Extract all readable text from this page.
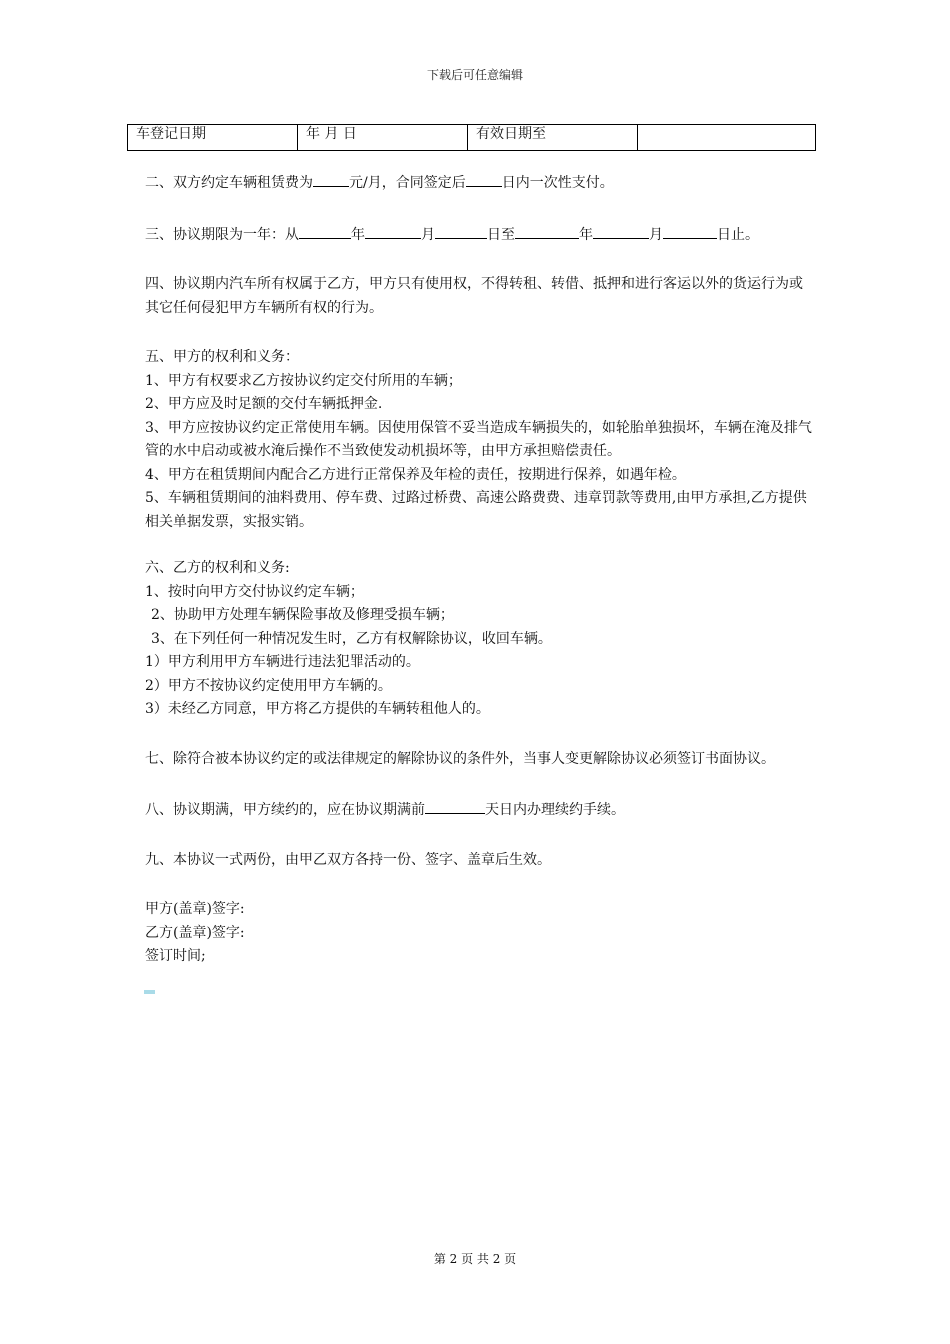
下载后可任意编辑
车登记日期	年 月 日	有效日期至	

二、双方约定车辆租赁费为	元/月，合同签定后	日内一次性支付。

三、协议期限为一年：从	年	月	日至	年	月	日止。

四、协议期内汽车所有权属于乙方，甲方只有使用权，不得转租、转借、抵押和进行客运以外的货运行为或其它任何侵犯甲方车辆所有权的行为。

五、甲方的权利和义务：

1、甲方有权要求乙方按协议约定交付所用的车辆；

2、甲方应及时足额的交付车辆抵押金.

3、甲方应按协议约定正常使用车辆。因使用保管不妥当造成车辆损失的，如轮胎单独损坏，车辆在淹及排气管的水中启动或被水淹后操作不当致使发动机损坏等，由甲方承担赔偿责任。

4、甲方在租赁期间内配合乙方进行正常保养及年检的责任，按期进行保养，如遇年检。

5、车辆租赁期间的油料费用、停车费、过路过桥费、高速公路费费、违章罚款等费用,由甲方承担,乙方提供相关单据发票，实报实销。

六、乙方的权利和义务:

1、按时向甲方交付协议约定车辆；

2、协助甲方处理车辆保险事故及修理受损车辆；

3、在下列任何一种情况发生时，乙方有权解除协议，收回车辆。

1）甲方利用甲方车辆进行违法犯罪活动的。

2）甲方不按协议约定使用甲方车辆的。

3）未经乙方同意，甲方将乙方提供的车辆转租他人的。

七、除符合被本协议约定的或法律规定的解除协议的条件外，当事人变更解除协议必须签订书面协议。

八、协议期满，甲方续约的，应在协议期满前	天日内办理续约手续。

九、本协议一式两份，由甲乙双方各持一份、签字、盖章后生效。

甲方(盖章)签字:

乙方(盖章)签字:

签订时间;

第 2 页 共 2 页
